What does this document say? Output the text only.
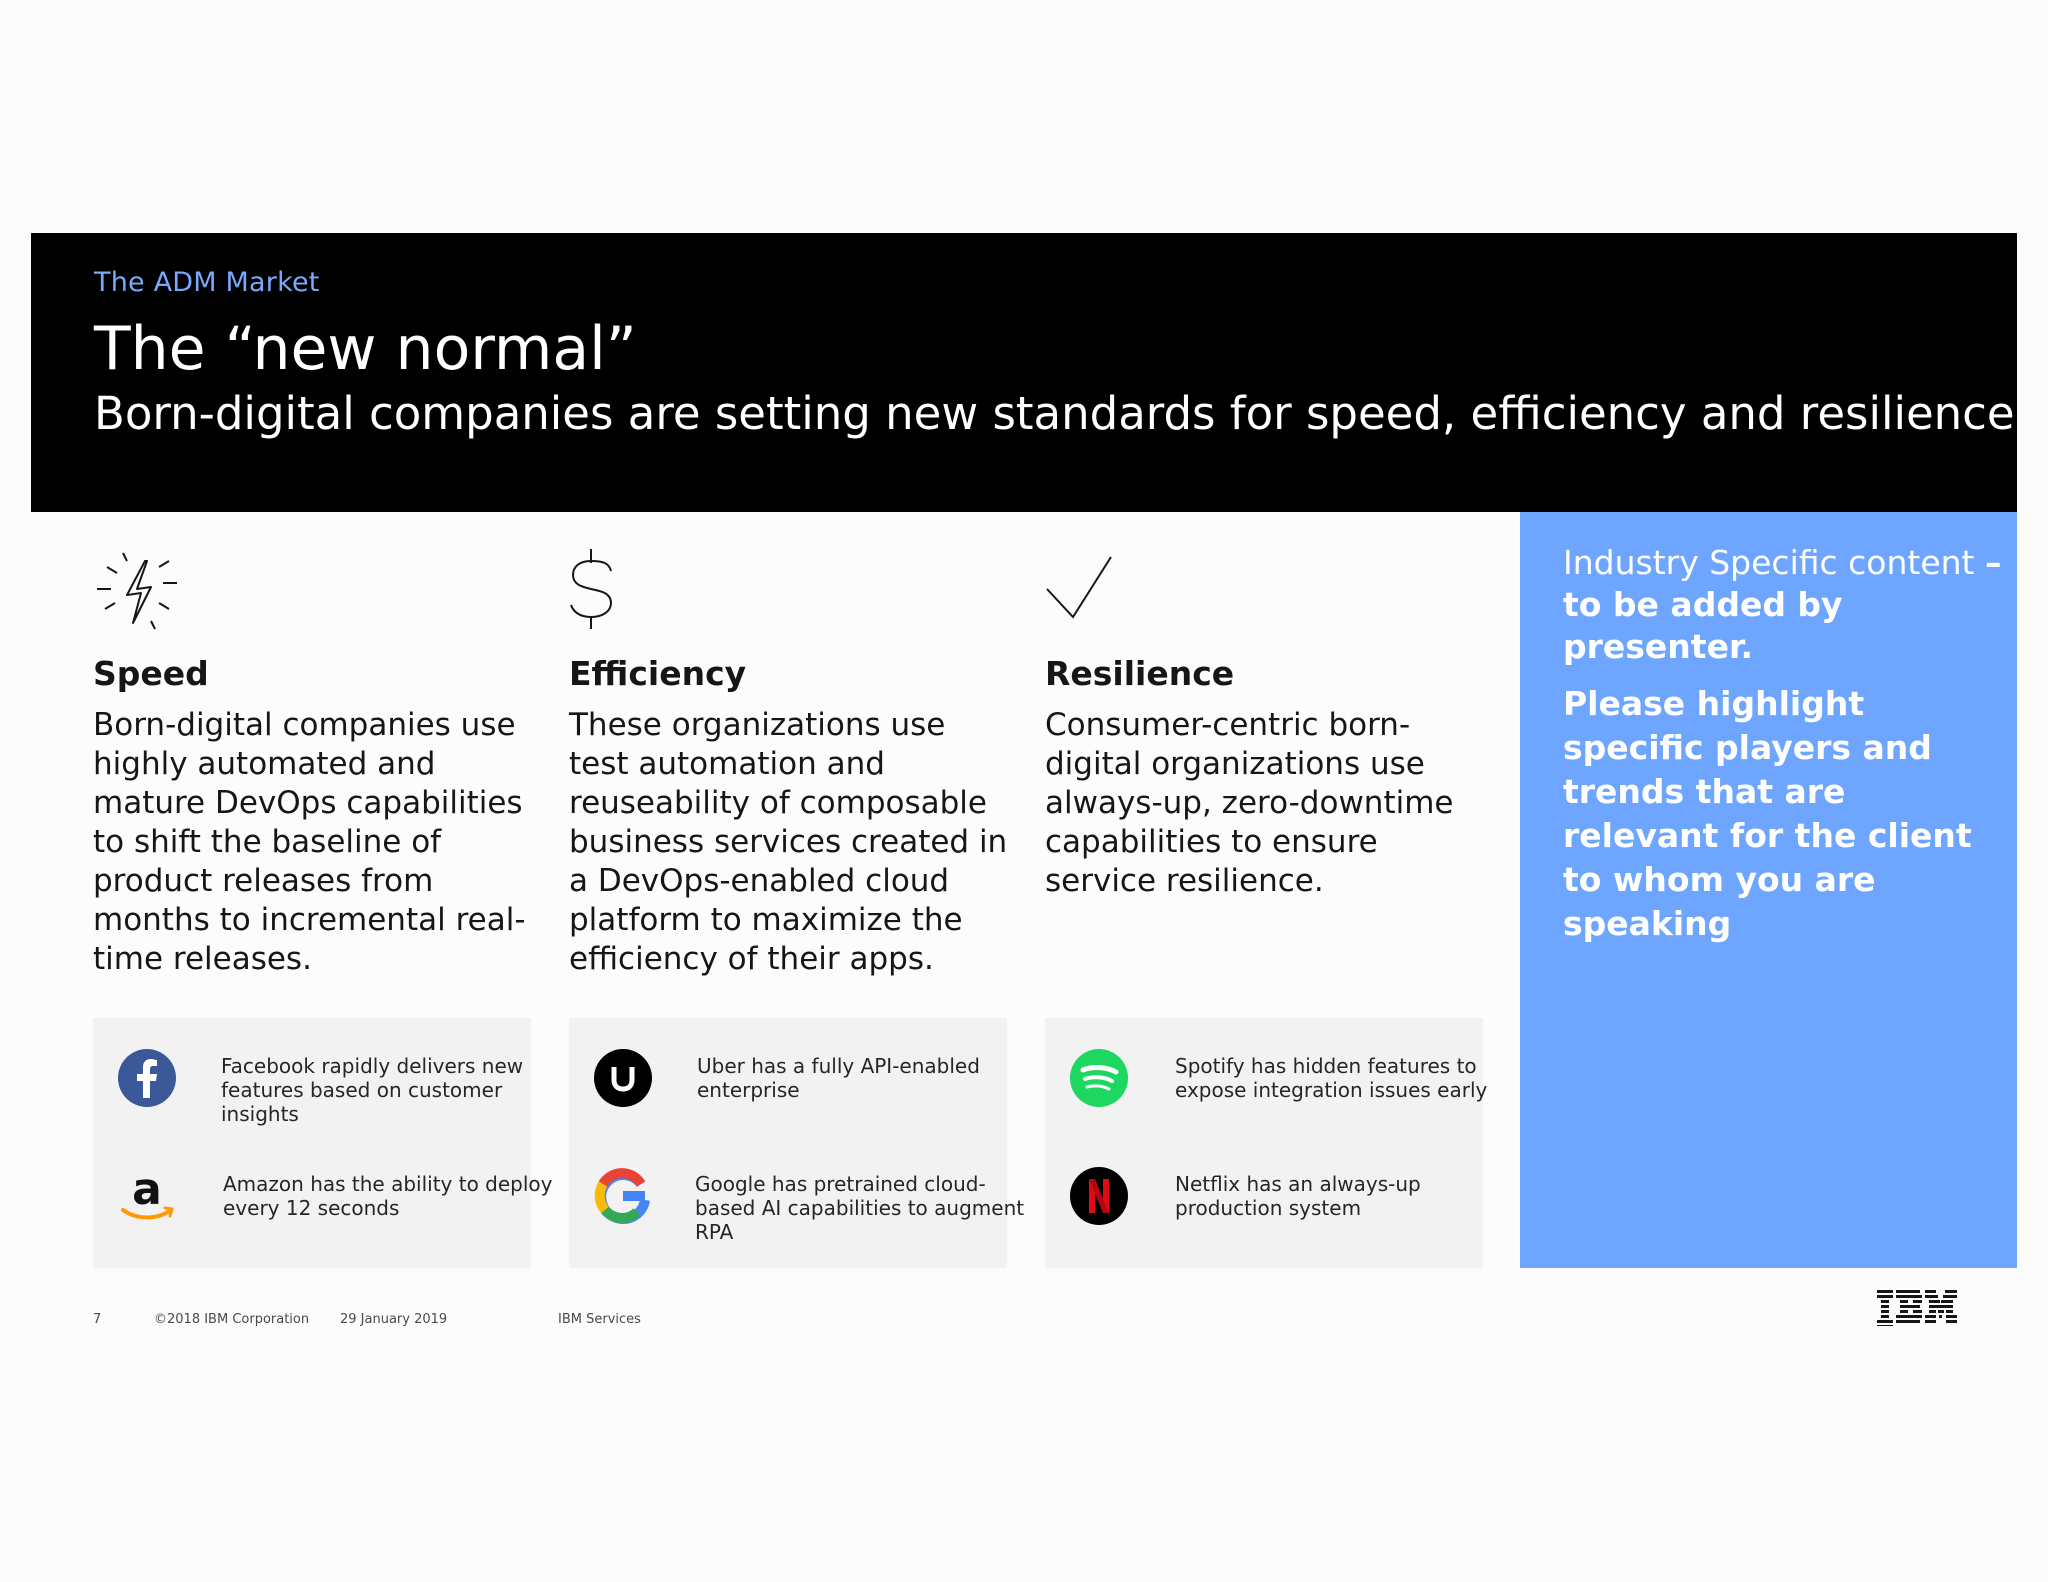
The ADM Market
The “new normal”
Born-digital companies are setting new standards for speed, efficiency and resilience
Speed

Born-digital companies use highly automated and mature DevOps capabilities to shift the baseline of product releases from months to incremental real-time releases.

Efficiency

These organizations use test automation and reuseability of composable business services created in a DevOps-enabled cloud platform to maximize the efficiency of their apps.

Resilience

Consumer-centric born-digital organizations use always-up, zero-downtime capabilities to ensure service resilience.

Facebook rapidly delivers new features based on customer insights
a	Amazon has the ability to deploy every 12 seconds
Uber has a fully API-enabled enterprise
Google has pretrained cloud-based AI capabilities to augment RPA
Spotify has hidden features to expose integration issues early
Netflix has an always-up production system
Industry Specific content – to be added by presenter.
Please highlight specific players and trends that are relevant for the client to whom you are speaking
7	©2018 IBM Corporation 29 January 2019	IBM Services
